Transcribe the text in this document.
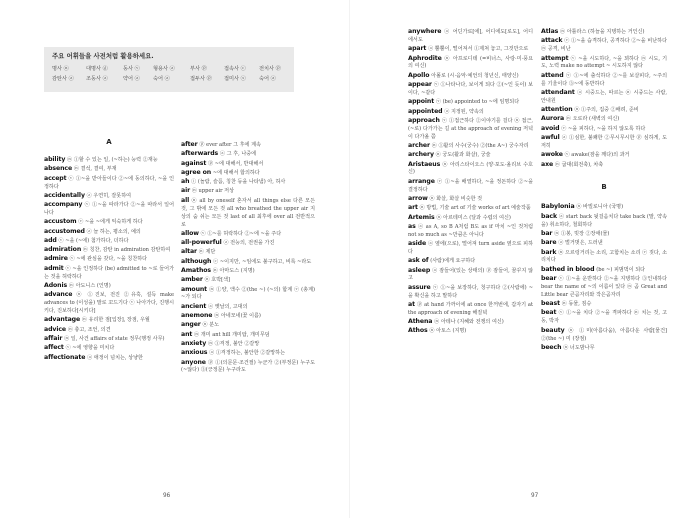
주요 어휘들을 사전처럼 활용하세요.
명사 ⓝ	대명사 ⓓ	동사 ⓥ	형용사 ⓐ	부사 ⓟ	접속사 ⓒ	전치사 ⓟ
감탄사 ⓐ	조동사 ⓐ	약어 ⓐ	숙어 ⓐ	접두사 ⓟ	접미사 ⓢ	숙어 ⓐ
A
ability ⓝ ①할 수 있는 일, (~하는) 능력 ②재능
absence ⓝ 결석, 결여, 부재
accept ⓥ ①~을 받아들이다 ②~에 동의하다, ~을 인정하다
accidentally ⓐ 우연히, 잘못하여
accompany ⓥ ①~을 따라가다 ②~을 따라서 일어나다
accustom ⓥ ~을 ~에게 익숙하게 하다
accustomed ⓐ 늘 하는, 평소의, 예의
add ⓥ ~을 (~에) 첨가하다, 더하다
admiration ⓝ 칭찬, 감탄 in admiration 감탄하여
admire ⓥ ~에 관심을 갖다, ~을 칭찬하다
admit ⓥ ~을 인정하다 (be) admitted to ~로 들어가는 것을 허락하다
Adonis ⓝ 아도니스 (인명)
advance ⓝ ①진보, 전진 ②유혹, 설득 make advances to (이성을) 말로 꼬드기다 ⓥ 나아가다, 진행시키다, 진보하다[시키다]
advantage ⓝ 유리한 점[입장], 장점, 우월
advice ⓝ 충고, 조언, 의견
affair ⓝ 일, 사건 affairs of state 정무(행정 사무)
affect ⓥ ~에 영향을 미치다
affectionate ⓐ 애정이 넘치는, 상냥한
after ⓟ ever after 그 후에 계속
afterwards ⓐ 그 후, 나중에
against ⓟ ~에 대해서, 반대해서
agree on ~에 대해서 합의하다
ah ⓘ (놀람, 슬픔, 칭찬 등을 나타냄) 아, 허사
air ⓝ upper air 저상
all ⓝ all by oneself 혼자서 all things else 다른 모든 것, 그 밖에 모든 것 all who breathed the upper air 지상의 숨 쉬는 모든 것 last of all 최후에 over all 전반적으로
allow ⓥ ①~를 허락하다 ②~에 ~을 주다
all-powerful ⓐ 전능의, 전권을 가진
altar ⓝ 제단
although ⓒ ~이지만, ~임에도 불구하고, 비록 ~라도
Amathos ⓝ 아마도스 (지명)
amber ⓝ 호박[색]
amount ⓝ ①양, 액수 ②(the ~) (~의) 합계 ⓥ (총계) ~가 되다
ancient ⓐ 옛날의, 고대의
anemone ⓝ 아네모네(꽃 이름)
anger ⓝ 분노
ant ⓝ 개미 ant hill 개미탑, 개미무덤
anxiety ⓝ ①걱정, 불안 ②갈망
anxious ⓐ ①걱정하는, 불안한 ②갈망하는
anyone ⓟ ①(의문문·조건절) 누군가 ②(부정문) 누구도 (~않다) ③(긍정문) 누구라도
96
anywhere ⓐ 어딘가로[에], 어디에도[로도], 어디에서도
apart ⓐ 뿔뿔이, 떨어져서 ①제쳐 놓고, 그것만으로
Aphrodite ⓝ 아프로디테 (=비너스, 사랑·미·풍요의 여신)
Apollo 아폴로 (시·음악·예언의 청년신, 태양신)
appear ⓥ ①나타나다, 보이게 되다 ②(~인 듯이) 보이다, ~같다
appoint ⓥ (be) appointed to ~에 임명되다
appointed ⓐ 지정된, 약속의
approach ⓥ ①접근하다 ②이야기를 걸다 ⓝ 접근, (~로) 다가가는 길 at the approach of evening 저녁이 다가올 쯤
archer ⓝ ①활의 사수(궁수) ②(the A~) 궁수자리
archery ⓝ 궁도(활과 화살), 궁술
Aristaeus ⓝ 아리스타이오스 (양·포도·올리브 수호신)
arrange ⓥ ①~을 배열하다, ~을 정돈하다 ②~을 결정하다
arrow ⓝ 화살, 화살 비슷한 것
art ⓝ 방법, 기술 art of 기술 works of art 예술작품
Artemis ⓝ 아르테미스 (달과 수렵의 여신)
as ⓐ as A, so B A처럼 B도 as if 마치 ~인 것처럼 not so much as ~만큼은 아니다
aside ⓐ 옆에(으로), 떨어져 turn aside 옆으로 피하다
ask of (사람)에게 요구하다
asleep ⓐ 잠들어(있는 상태의) ⓟ 잠들어, 꿈꾸지 않고
assure ⓥ ①~을 보장하다, 청구하다 ②(사람에) ~을 확신을 하고 말하다
at ⓟ at hand 가까이에 at once 한꺼번에, 갑자기 at the approach of evening 해질녘
Athena ⓝ 아테나 (지혜와 전쟁의 여신)
Athos ⓝ 아토스 (지명)
Atlas ⓝ 아틀라스 (하늘을 지탱하는 거인신)
attack ⓥ ①~을 습격하다, 공격하다 ②~을 비난하다 ⓝ 공격, 비난
attempt ⓥ ~을 시도하다, ~을 꾀하다 ⓝ 시도, 기도, 노력 make no attempt ~ 시도하지 않다
attend ⓥ ①~에 출석하다 ②~를 보살피다, ~주의를 기울이다 ③~에 동반하다
attendant ⓐ 시중드는, 따르는 ⓝ 시중드는 사람, 안내원
attention ⓝ ①주의, 집중 ②배려, 준비
Aurora ⓝ 오로라 (새벽의 여신)
avoid ⓥ ~을 피하다, ~을 하지 않도록 하다
awful ⓐ ①심한, 불쾌한 ②무시무시한 ⓟ 심하게, 도저히
awoke ⓥ awake(잠을 깨다)의 과거
axe ⓝ 굽대(회전축), 차축
B
Babylonia ⓝ 바빌로니아 (국명)
back ⓐ start back 뒷걸음치다 take back (말, 약속을) 취소하다, 철회하다
bar ⓝ ①봉, 빗장 ②장애(물)
bare ⓐ 벌거벗은, 드러낸
bark ⓝ 으르렁거리는 소리, 고함치는 소리 ⓥ 짖다, 소리치다
bathed in blood (be ~) 피범벅이 되다
bear ⓥ ①~을 운반하다 ②~을 지탱하다 ③인내하다 bear the name of ~의 이름이 있다 ⓝ 곰 Great and Little bear 큰곰자리와 작은곰자리
beast ⓝ 동물, 짐승
beat ⓥ ①~을 치다 ②~을 격파하다 ⓝ 치는 것, 고동, 박자
beauty ⓝ ①미(아름다움), 아름다운 사람[물건] ②(the ~) 미 (장점)
beech ⓝ 너도밤나무
97
